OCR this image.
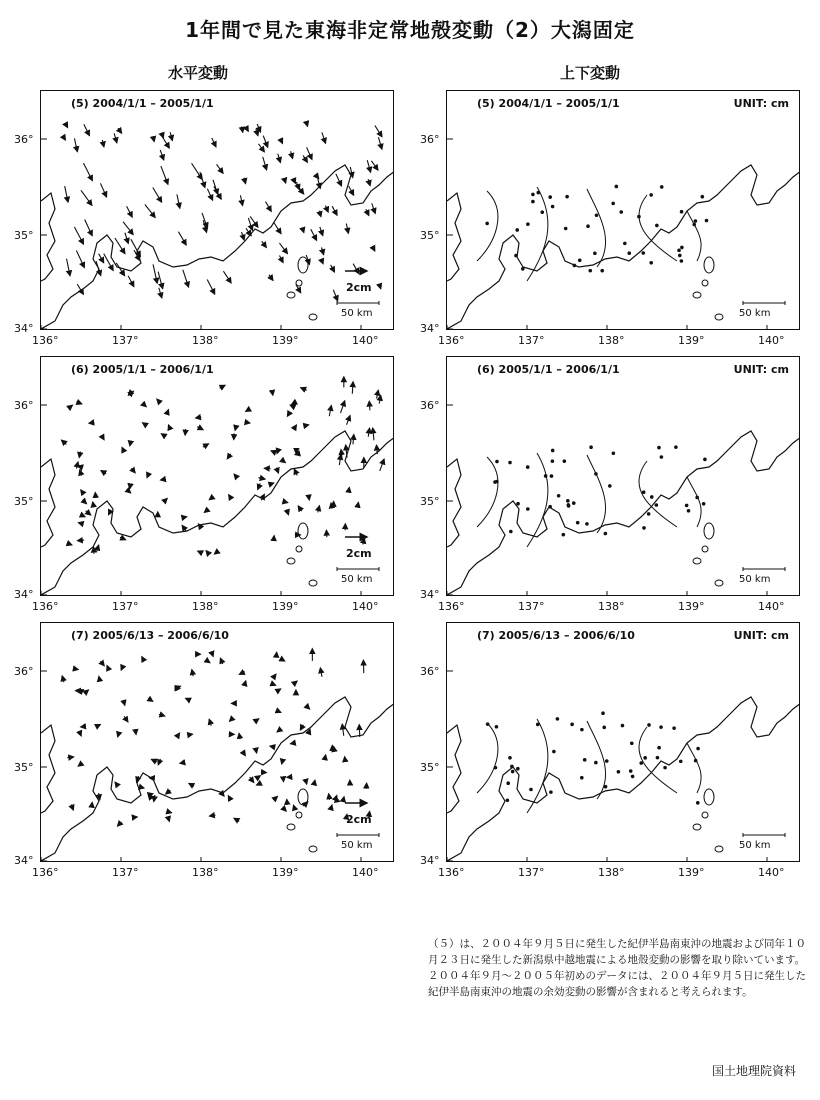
1年間で見た東海非定常地殻変動（2）大潟固定
水平変動	上下変動
(5) 2004/1/1 – 2005/1/1
2cm
50 km
(5) 2004/1/1 – 2005/1/1	UNIT: cm
50 km
(6) 2005/1/1 – 2006/1/1
2cm
50 km
(6) 2005/1/1 – 2006/1/1	UNIT: cm
50 km
(7) 2005/6/13 – 2006/6/10
2cm
50 km
(7) 2005/6/13 – 2006/6/10	UNIT: cm
50 km
136°	137°	138°	139°	140°
136°	137°	138°	139°	140°
136°	137°	138°	139°	140°
136°	137°	138°	139°	140°
136°	137°	138°	139°	140°
136°	137°	138°	139°	140°
36°
35°
34°
36°
35°
34°
36°
35°
34°
36°
35°
34°
36°
35°
34°
36°
35°
34°

（５）は、２００４年９月５日に発生した紀伊半島南東沖の地震および同年１０月２３日に発生した新潟県中越地震による地殻変動の影響を取り除いています。

２００４年９月～２００５年初めのデータには、２００４年９月５日に発生した紀伊半島南東沖の地震の余効変動の影響が含まれると考えられます。

国土地理院資料
